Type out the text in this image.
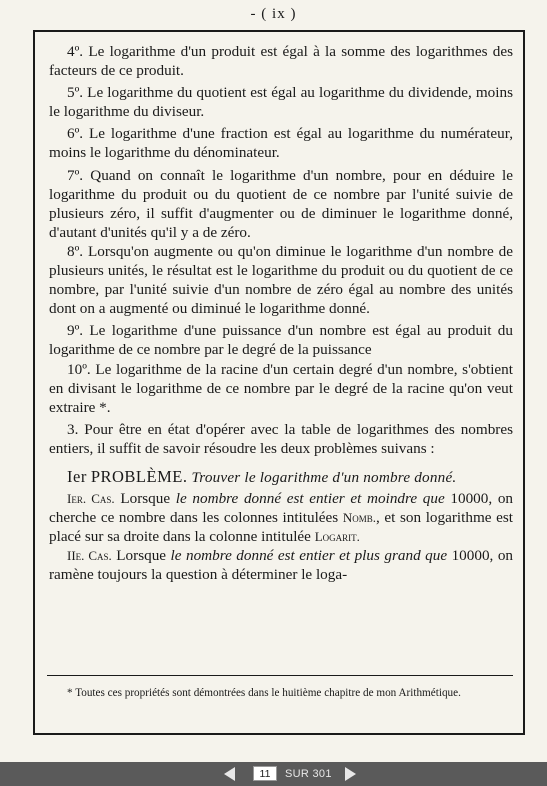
- ( ix )

4º. Le logarithme d'un produit est égal à la somme des logarithmes des facteurs de ce produit.

5º. Le logarithme du quotient est égal au logarithme du dividende, moins le logarithme du diviseur.

6º. Le logarithme d'une fraction est égal au logarithme du numérateur, moins le logarithme du dénominateur.

7º. Quand on connaît le logarithme d'un nombre, pour en déduire le logarithme du produit ou du quotient de ce nombre par l'unité suivie de plusieurs zéro, il suffit d'augmenter ou de diminuer le logarithme donné, d'autant d'unités qu'il y a de zéro.

8º. Lorsqu'on augmente ou qu'on diminue le logarithme d'un nombre de plusieurs unités, le résultat est le logarithme du produit ou du quotient de ce nombre, par l'unité suivie d'un nombre de zéro égal au nombre des unités dont on a augmenté ou diminué le logarithme donné.

9º. Le logarithme d'une puissance d'un nombre est égal au produit du logarithme de ce nombre par le degré de la puissance

10º. Le logarithme de la racine d'un certain degré d'un nombre, s'obtient en divisant le logarithme de ce nombre par le degré de la racine qu'on veut extraire *.

3. Pour être en état d'opérer avec la table de logarithmes des nombres entiers, il suffit de savoir résoudre les deux problèmes suivans :

Ier PROBLÈME. Trouver le logarithme d'un nombre donné.

Ier. Cas. Lorsque le nombre donné est entier et moindre que 10000, on cherche ce nombre dans les colonnes intitulées Nomb., et son logarithme est placé sur sa droite dans la colonne intitulée Logarit.

IIe. Cas. Lorsque le nombre donné est entier et plus grand que 10000, on ramène toujours la question à déterminer le loga-

* Toutes ces propriétés sont démontrées dans le huitième chapitre de mon Arithmétique.
11
SUR 301
